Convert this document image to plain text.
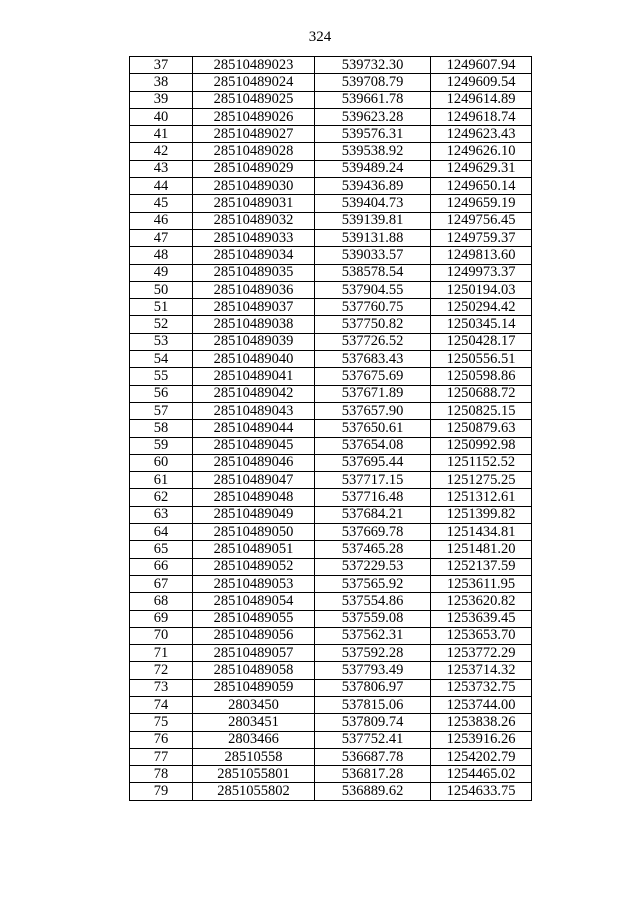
324
37	28510489023	539732.30	1249607.94
38	28510489024	539708.79	1249609.54
39	28510489025	539661.78	1249614.89
40	28510489026	539623.28	1249618.74
41	28510489027	539576.31	1249623.43
42	28510489028	539538.92	1249626.10
43	28510489029	539489.24	1249629.31
44	28510489030	539436.89	1249650.14
45	28510489031	539404.73	1249659.19
46	28510489032	539139.81	1249756.45
47	28510489033	539131.88	1249759.37
48	28510489034	539033.57	1249813.60
49	28510489035	538578.54	1249973.37
50	28510489036	537904.55	1250194.03
51	28510489037	537760.75	1250294.42
52	28510489038	537750.82	1250345.14
53	28510489039	537726.52	1250428.17
54	28510489040	537683.43	1250556.51
55	28510489041	537675.69	1250598.86
56	28510489042	537671.89	1250688.72
57	28510489043	537657.90	1250825.15
58	28510489044	537650.61	1250879.63
59	28510489045	537654.08	1250992.98
60	28510489046	537695.44	1251152.52
61	28510489047	537717.15	1251275.25
62	28510489048	537716.48	1251312.61
63	28510489049	537684.21	1251399.82
64	28510489050	537669.78	1251434.81
65	28510489051	537465.28	1251481.20
66	28510489052	537229.53	1252137.59
67	28510489053	537565.92	1253611.95
68	28510489054	537554.86	1253620.82
69	28510489055	537559.08	1253639.45
70	28510489056	537562.31	1253653.70
71	28510489057	537592.28	1253772.29
72	28510489058	537793.49	1253714.32
73	28510489059	537806.97	1253732.75
74	2803450	537815.06	1253744.00
75	2803451	537809.74	1253838.26
76	2803466	537752.41	1253916.26
77	28510558	536687.78	1254202.79
78	2851055801	536817.28	1254465.02
79	2851055802	536889.62	1254633.75
